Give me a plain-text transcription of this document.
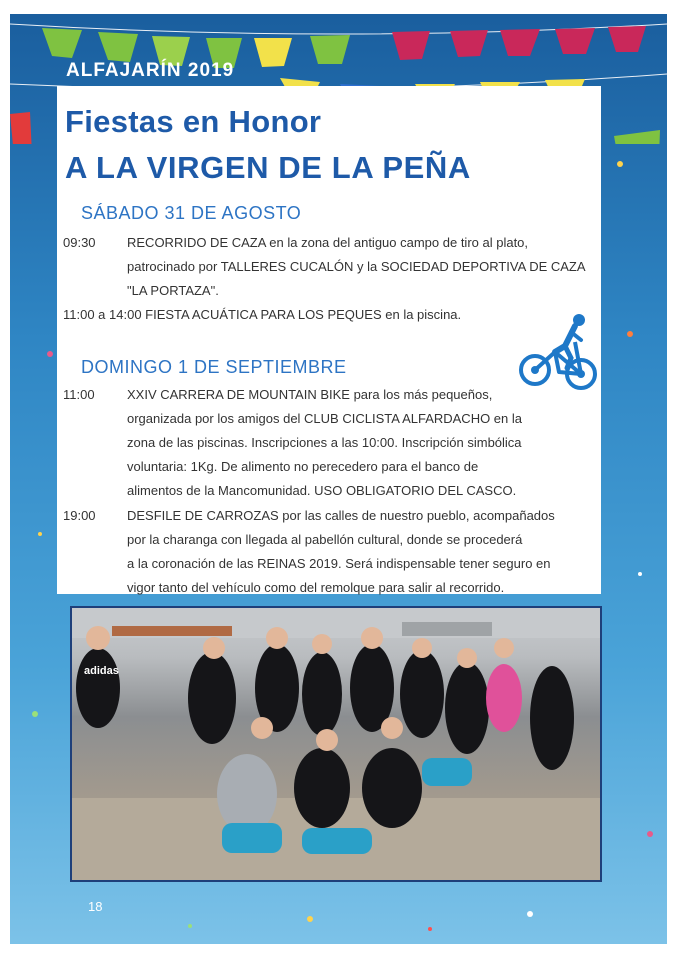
ALFAJARÍN 2019
Fiestas en Honor
A LA VIRGEN DE LA PEÑA
SÁBADO 31 DE AGOSTO
09:30 RECORRIDO DE CAZA en la zona del antiguo campo de tiro al plato,
patrocinado por TALLERES CUCALÓN y la SOCIEDAD DEPORTIVA DE CAZA
"LA PORTAZA".
11:00 a 14:00 FIESTA ACUÁTICA PARA LOS PEQUES en la piscina.
DOMINGO 1 DE SEPTIEMBRE
11:00 XXIV CARRERA DE MOUNTAIN BIKE para los más pequeños,
organizada por los amigos del CLUB CICLISTA ALFARDACHO en la
zona de las piscinas. Inscripciones a las 10:00. Inscripción simbólica
voluntaria: 1Kg. De alimento no perecedero para el banco de
alimentos de la Mancomunidad. USO OBLIGATORIO DEL CASCO.
19:00 DESFILE DE CARROZAS por las calles de nuestro pueblo, acompañados
por la charanga con llegada al pabellón cultural, donde se procederá
a la coronación de las REINAS 2019. Será indispensable tener seguro en
vigor tanto del vehículo como del remolque para salir al recorrido.
adidas
18
